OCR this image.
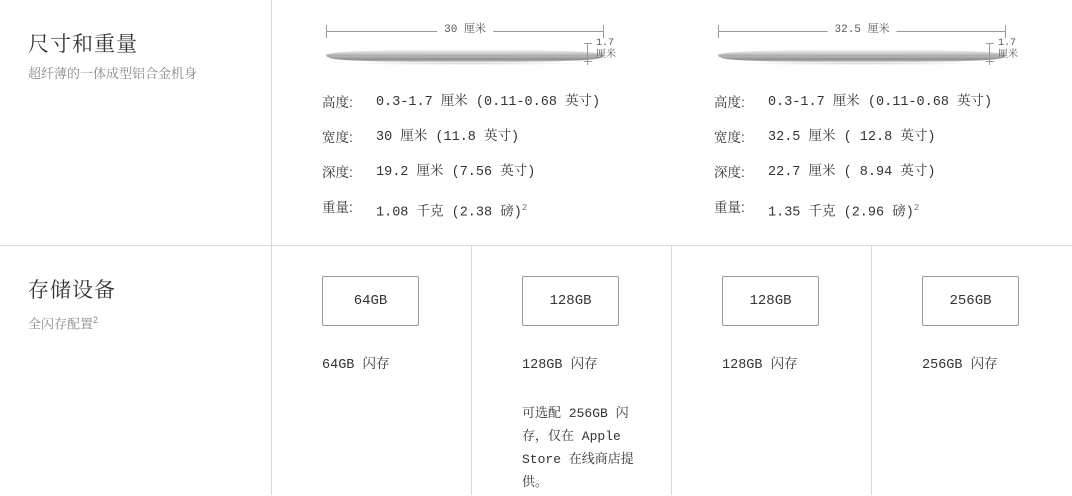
尺寸和重量

超纤薄的一体成型铝合金机身

30 厘米
1.7 厘米
高度:	0.3-1.7 厘米 (0.11-0.68 英寸)
宽度:	30 厘米 (11.8 英寸)
深度:	19.2 厘米 (7.56 英寸)
重量:	1.08 千克 (2.38 磅)$^2$
32.5 厘米
1.7 厘米
高度:	0.3-1.7 厘米 (0.11-0.68 英寸)
宽度:	32.5 厘米 ( 12.8 英寸)
深度:	22.7 厘米 ( 8.94 英寸)
重量:	1.35 千克 (2.96 磅)$^2$
存储设备

全闪存配置$^2$

64GB
64GB 闪存
128GB
128GB 闪存
可选配 256GB 闪存，仅在 Apple Store 在线商店提供。
128GB
128GB 闪存
256GB
256GB 闪存
